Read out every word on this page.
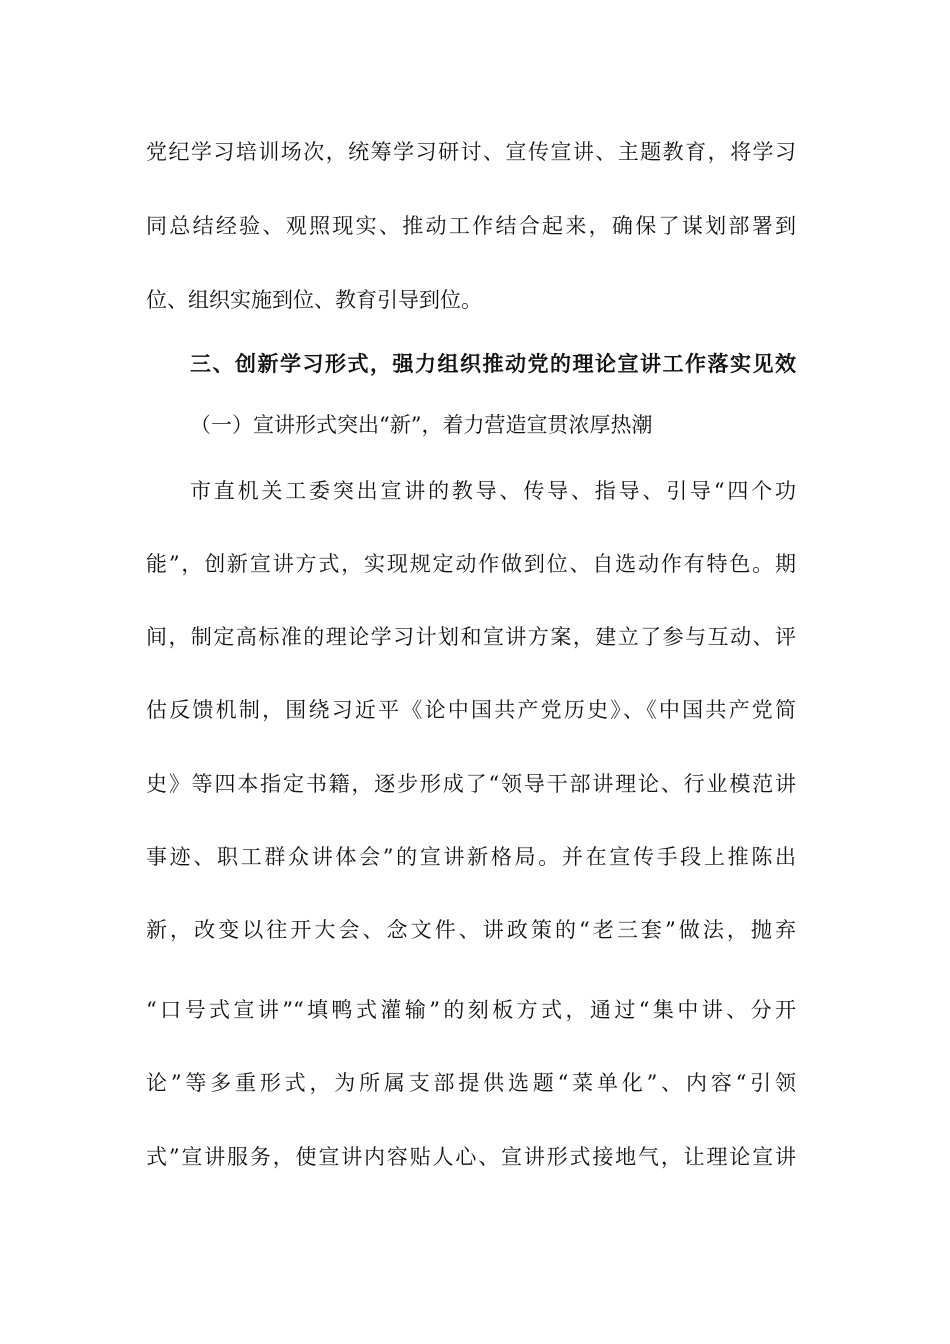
党纪学习培训场次，统筹学习研讨、宣传宣讲、主题教育，将学习
同总结经验、观照现实、推动工作结合起来，确保了谋划部署到
位、组织实施到位、教育引导到位。
三、创新学习形式，强力组织推动党的理论宣讲工作落实见效
（一）宣讲形式突出“新”，着力营造宣贯浓厚热潮
市直机关工委突出宣讲的教导、传导、指导、引导“四个功
能”，创新宣讲方式，实现规定动作做到位、自选动作有特色。期
间，制定高标准的理论学习计划和宣讲方案，建立了参与互动、评
估反馈机制，围绕习近平《论中国共产党历史》、《中国共产党简
史》等四本指定书籍，逐步形成了“领导干部讲理论、行业模范讲
事迹、职工群众讲体会”的宣讲新格局。并在宣传手段上推陈出
新，改变以往开大会、念文件、讲政策的“老三套”做法，抛弃
“口号式宣讲”“填鸭式灌输”的刻板方式，通过“集中讲、分开
论”等多重形式，为所属支部提供选题“菜单化”、内容“引领
式”宣讲服务，使宣讲内容贴人心、宣讲形式接地气，让理论宣讲
